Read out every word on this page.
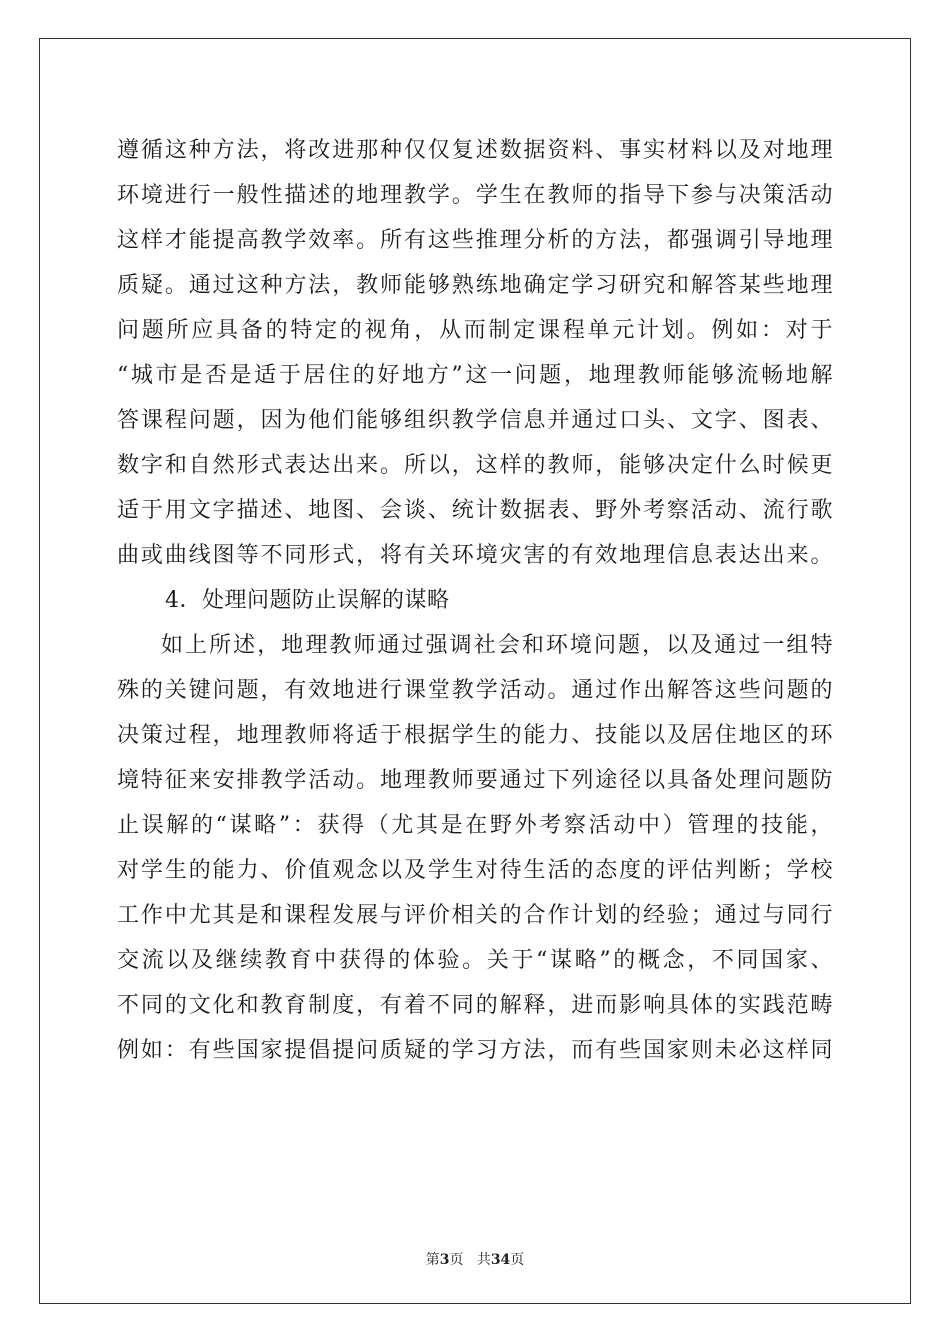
遵循这种方法，将改进那种仅仅复述数据资料、事实材料以及对地理
环境进行一般性描述的地理教学。学生在教师的指导下参与决策活动
这样才能提高教学效率。所有这些推理分析的方法，都强调引导地理
质疑。通过这种方法，教师能够熟练地确定学习研究和解答某些地理
问题所应具备的特定的视角，从而制定课程单元计划。例如：对于
“城市是否是适于居住的好地方”这一问题，地理教师能够流畅地解
答课程问题，因为他们能够组织教学信息并通过口头、文字、图表、
数字和自然形式表达出来。所以，这样的教师，能够决定什么时候更
适于用文字描述、地图、会谈、统计数据表、野外考察活动、流行歌
曲或曲线图等不同形式，将有关环境灾害的有效地理信息表达出来。
4．处理问题防止误解的谋略
如上所述，地理教师通过强调社会和环境问题，以及通过一组特
殊的关键问题，有效地进行课堂教学活动。通过作出解答这些问题的
决策过程，地理教师将适于根据学生的能力、技能以及居住地区的环
境特征来安排教学活动。地理教师要通过下列途径以具备处理问题防
止误解的“谋略”：获得（尤其是在野外考察活动中）管理的技能，
对学生的能力、价值观念以及学生对待生活的态度的评估判断；学校
工作中尤其是和课程发展与评价相关的合作计划的经验；通过与同行
交流以及继续教育中获得的体验。关于“谋略”的概念，不同国家、
不同的文化和教育制度，有着不同的解释，进而影响具体的实践范畴
例如：有些国家提倡提问质疑的学习方法，而有些国家则未必这样同
第3页 共34页
